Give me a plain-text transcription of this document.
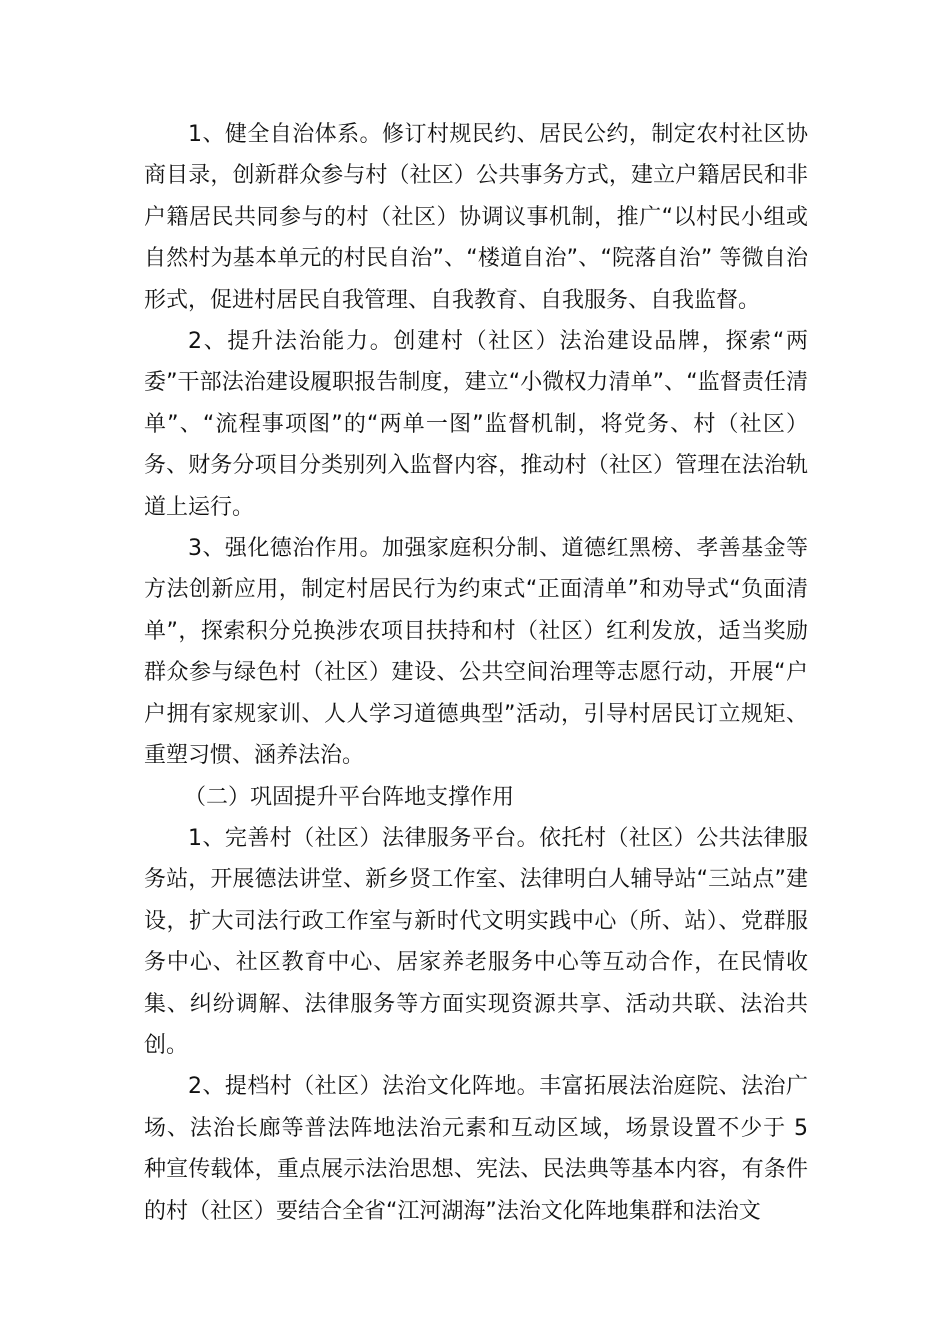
1、健全自治体系。修订村规民约、居民公约，制定农村社区协商目录，创新群众参与村（社区）公共事务方式，建立户籍居民和非户籍居民共同参与的村（社区）协调议事机制，推广“以村民小组或自然村为基本单元的村民自治”、“楼道自治”、“院落自治” 等微自治形式，促进村居民自我管理、自我教育、自我服务、自我监督。

2、提升法治能力。创建村（社区）法治建设品牌，探索“两委”干部法治建设履职报告制度，建立“小微权力清单”、“监督责任清单”、“流程事项图”的“两单一图”监督机制，将党务、村（社区）务、财务分项目分类别列入监督内容，推动村（社区）管理在法治轨道上运行。

3、强化德治作用。加强家庭积分制、道德红黑榜、孝善基金等方法创新应用，制定村居民行为约束式“正面清单”和劝导式“负面清单”，探索积分兑换涉农项目扶持和村（社区）红利发放，适当奖励群众参与绿色村（社区）建设、公共空间治理等志愿行动，开展“户户拥有家规家训、人人学习道德典型”活动，引导村居民订立规矩、重塑习惯、涵养法治。

（二）巩固提升平台阵地支撑作用

1、完善村（社区）法律服务平台。依托村（社区）公共法律服务站，开展德法讲堂、新乡贤工作室、法律明白人辅导站“三站点”建设，扩大司法行政工作室与新时代文明实践中心（所、站）、党群服务中心、社区教育中心、居家养老服务中心等互动合作，在民情收集、纠纷调解、法律服务等方面实现资源共享、活动共联、法治共创。

2、提档村（社区）法治文化阵地。丰富拓展法治庭院、法治广场、法治长廊等普法阵地法治元素和互动区域，场景设置不少于 5 种宣传载体，重点展示法治思想、宪法、民法典等基本内容，有条件的村（社区）要结合全省“江河湖海”法治文化阵地集群和法治文
